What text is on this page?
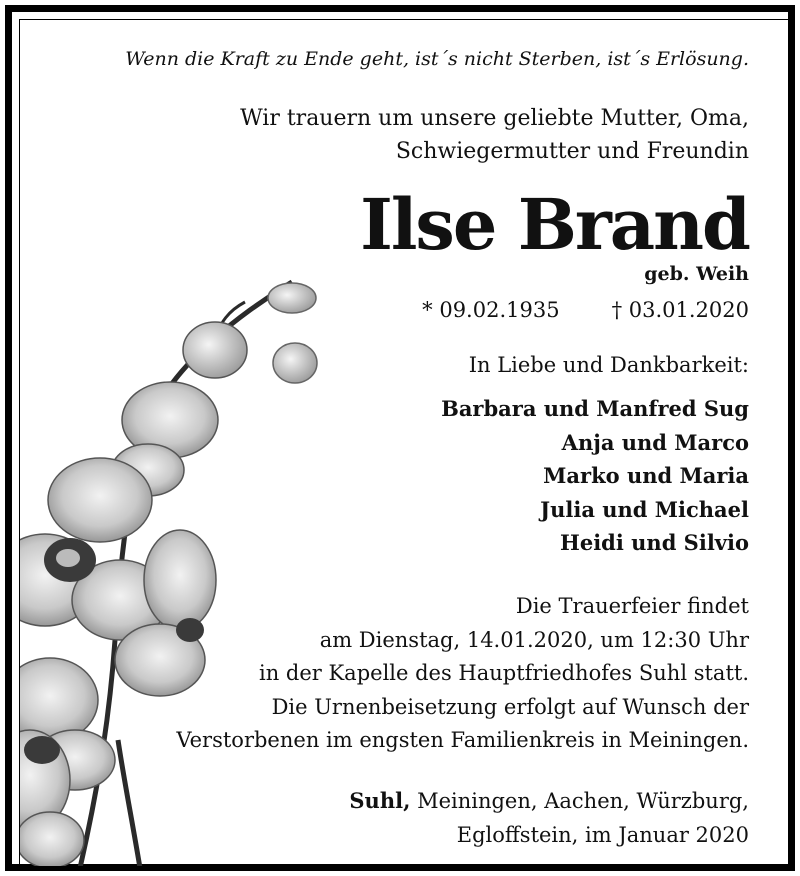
Wenn die Kraft zu Ende geht, ist´s nicht Sterben, ist´s Erlösung.
Wir trauern um unsere geliebte Mutter, Oma,
Schwiegermutter und Freundin
Ilse Brand
geb. Weih
* 09.02.1935 † 03.01.2020
In Liebe und Dankbarkeit:
Barbara und Manfred Sug
Anja und Marco
Marko und Maria
Julia und Michael
Heidi und Silvio
Die Trauerfeier findet
am Dienstag, 14.01.2020, um 12:30 Uhr
in der Kapelle des Hauptfriedhofes Suhl statt.
Die Urnenbeisetzung erfolgt auf Wunsch der
Verstorbenen im engsten Familienkreis in Meiningen.
Suhl, Meiningen, Aachen, Würzburg,
Egloffstein, im Januar 2020
